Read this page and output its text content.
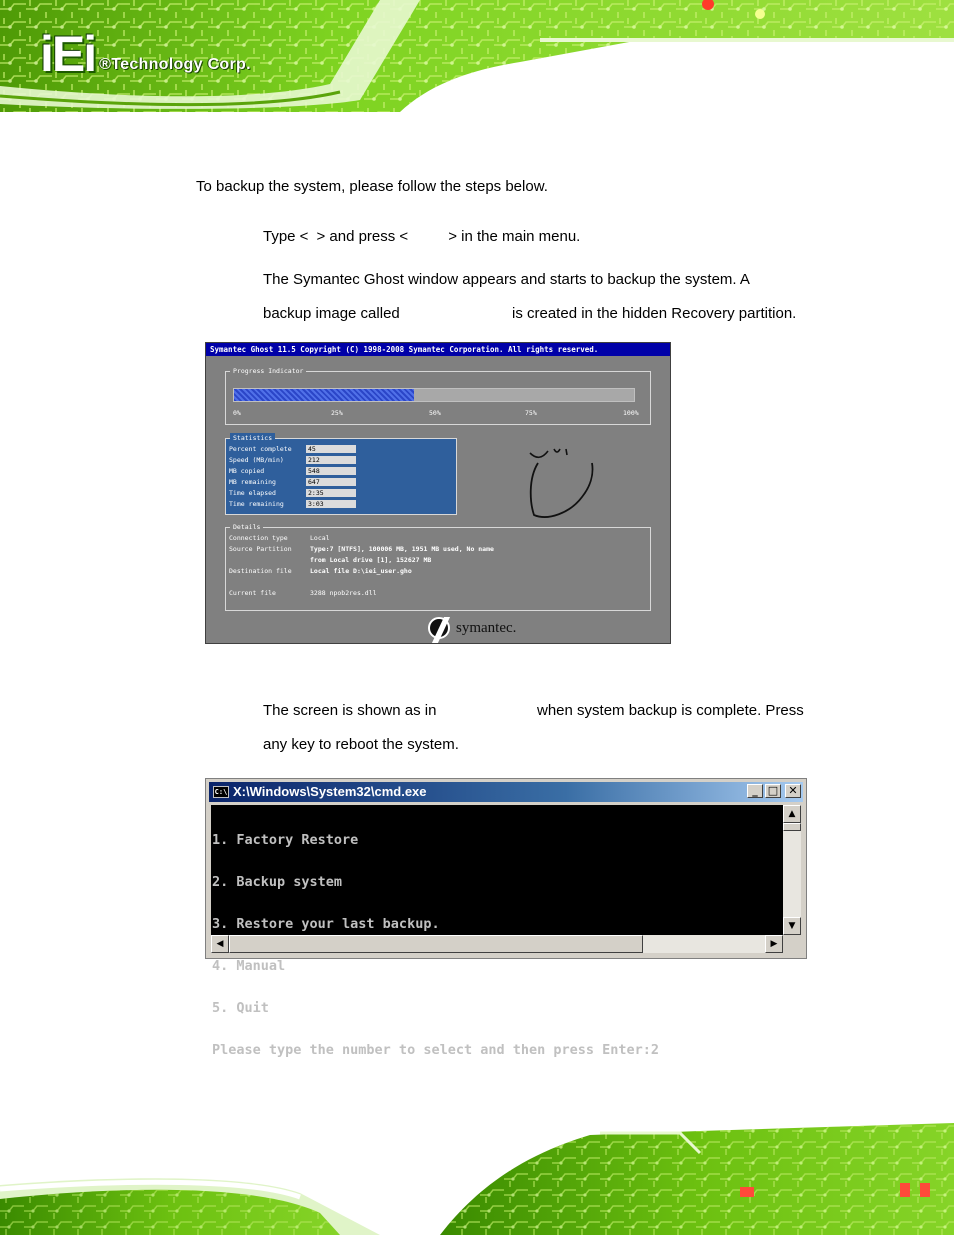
iEi ®Technology Corp.
To backup the system, please follow the steps below.
Type < > and press <	> in the main menu.
The Symantec Ghost window appears and starts to backup the system. A
backup image called	is created in the hidden Recovery partition.
Symantec Ghost 11.5 Copyright (C) 1998-2008 Symantec Corporation. All rights reserved.
Progress Indicator
0%	25%	50%	75%	100%
Statistics
Percent complete	45
Speed (MB/min)	212
MB copied	548
MB remaining	647
Time elapsed	2:35
Time remaining	3:03
Details
Connection type	Local
Source Partition	Type:7 [NTFS], 100006 MB, 1951 MB used, No name
from Local drive [1], 152627 MB
Destination file	Local file D:\iei_user.gho
Current file	3288 npob2res.dll
symantec.
The screen is shown as in	when system backup is complete. Press
any key to reboot the system.
C:\ X:\Windows\System32\cmd.exe	_ □ ✕

1. Factory Restore

2. Backup system

3. Restore your last backup.

4. Manual

5. Quit

Please type the number to select and then press Enter:2

▲
▼
◀	▶
